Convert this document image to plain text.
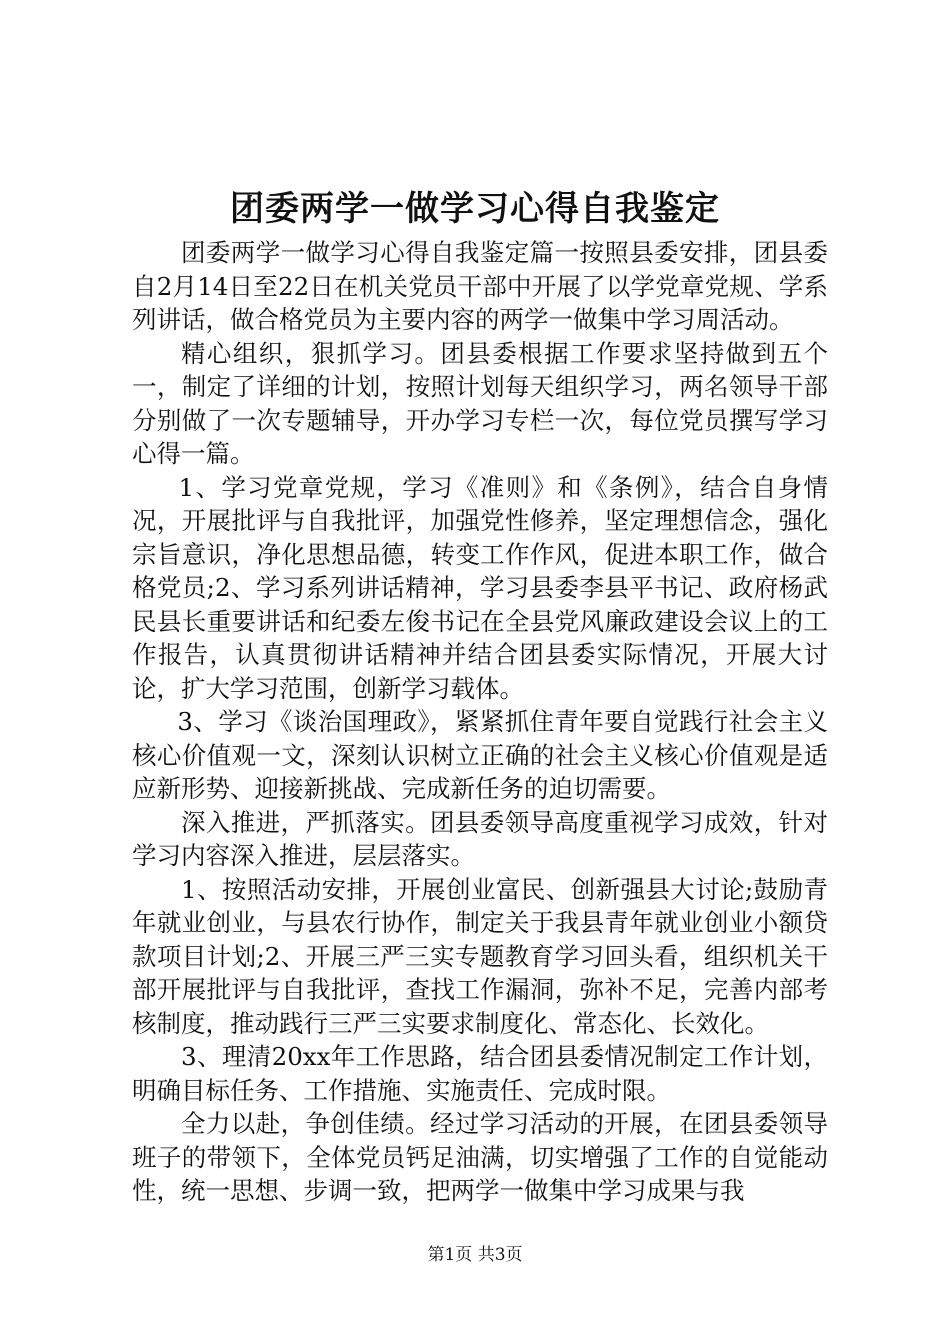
团委两学一做学习心得自我鉴定

团委两学一做学习心得自我鉴定篇一按照县委安排，团县委自2月14日至22日在机关党员干部中开展了以学党章党规、学系列讲话，做合格党员为主要内容的两学一做集中学习周活动。

精心组织，狠抓学习。团县委根据工作要求坚持做到五个一，制定了详细的计划，按照计划每天组织学习，两名领导干部分别做了一次专题辅导，开办学习专栏一次，每位党员撰写学习心得一篇。

1、学习党章党规，学习《准则》和《条例》，结合自身情况，开展批评与自我批评，加强党性修养，坚定理想信念，强化宗旨意识，净化思想品德，转变工作作风，促进本职工作，做合格党员;2、学习系列讲话精神，学习县委李县平书记、政府杨武民县长重要讲话和纪委左俊书记在全县党风廉政建设会议上的工作报告，认真贯彻讲话精神并结合团县委实际情况，开展大讨论，扩大学习范围，创新学习载体。

3、学习《谈治国理政》，紧紧抓住青年要自觉践行社会主义核心价值观一文，深刻认识树立正确的社会主义核心价值观是适应新形势、迎接新挑战、完成新任务的迫切需要。

深入推进，严抓落实。团县委领导高度重视学习成效，针对学习内容深入推进，层层落实。

1、按照活动安排，开展创业富民、创新强县大讨论;鼓励青年就业创业，与县农行协作，制定关于我县青年就业创业小额贷款项目计划;2、开展三严三实专题教育学习回头看，组织机关干部开展批评与自我批评，查找工作漏洞，弥补不足，完善内部考核制度，推动践行三严三实要求制度化、常态化、长效化。

3、理清20xx年工作思路，结合团县委情况制定工作计划，明确目标任务、工作措施、实施责任、完成时限。

全力以赴，争创佳绩。经过学习活动的开展，在团县委领导班子的带领下，全体党员钙足油满，切实增强了工作的自觉能动性，统一思想、步调一致，把两学一做集中学习成果与我

第1页 共3页
